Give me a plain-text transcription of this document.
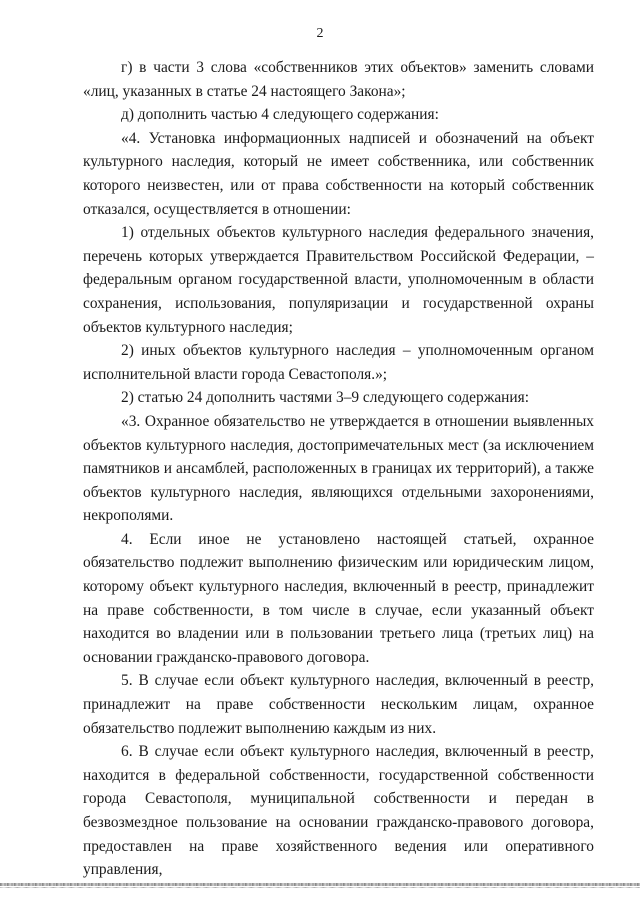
2

г) в части 3 слова «собственников этих объектов» заменить словами «лиц, указанных в статье 24 настоящего Закона»;

д) дополнить частью 4 следующего содержания:

«4. Установка информационных надписей и обозначений на объект культурного наследия, который не имеет собственника, или собственник которого неизвестен, или от права собственности на который собственник отказался, осуществляется в отношении:

1) отдельных объектов культурного наследия федерального значения, перечень которых утверждается Правительством Российской Федерации, – федеральным органом государственной власти, уполномоченным в области сохранения, использования, популяризации и государственной охраны объектов культурного наследия;

2) иных объектов культурного наследия – уполномоченным органом исполнительной власти города Севастополя.»;

2) статью 24 дополнить частями 3–9 следующего содержания:

«3. Охранное обязательство не утверждается в отношении выявленных объектов культурного наследия, достопримечательных мест (за исключением памятников и ансамблей, расположенных в границах их территорий), а также объектов культурного наследия, являющихся отдельными захоронениями, некрополями.

4. Если иное не установлено настоящей статьей, охранное обязательство подлежит выполнению физическим или юридическим лицом, которому объект культурного наследия, включенный в реестр, принадлежит на праве собственности, в том числе в случае, если указанный объект находится во владении или в пользовании третьего лица (третьих лиц) на основании гражданско-правового договора.

5. В случае если объект культурного наследия, включенный в реестр, принадлежит на праве собственности нескольким лицам, охранное обязательство подлежит выполнению каждым из них.

6. В случае если объект культурного наследия, включенный в реестр, находится в федеральной собственности, государственной собственности города Севастополя, муниципальной собственности и передан в безвозмездное пользование на основании гражданско-правового договора, предоставлен на праве хозяйственного ведения или оперативного управления,
